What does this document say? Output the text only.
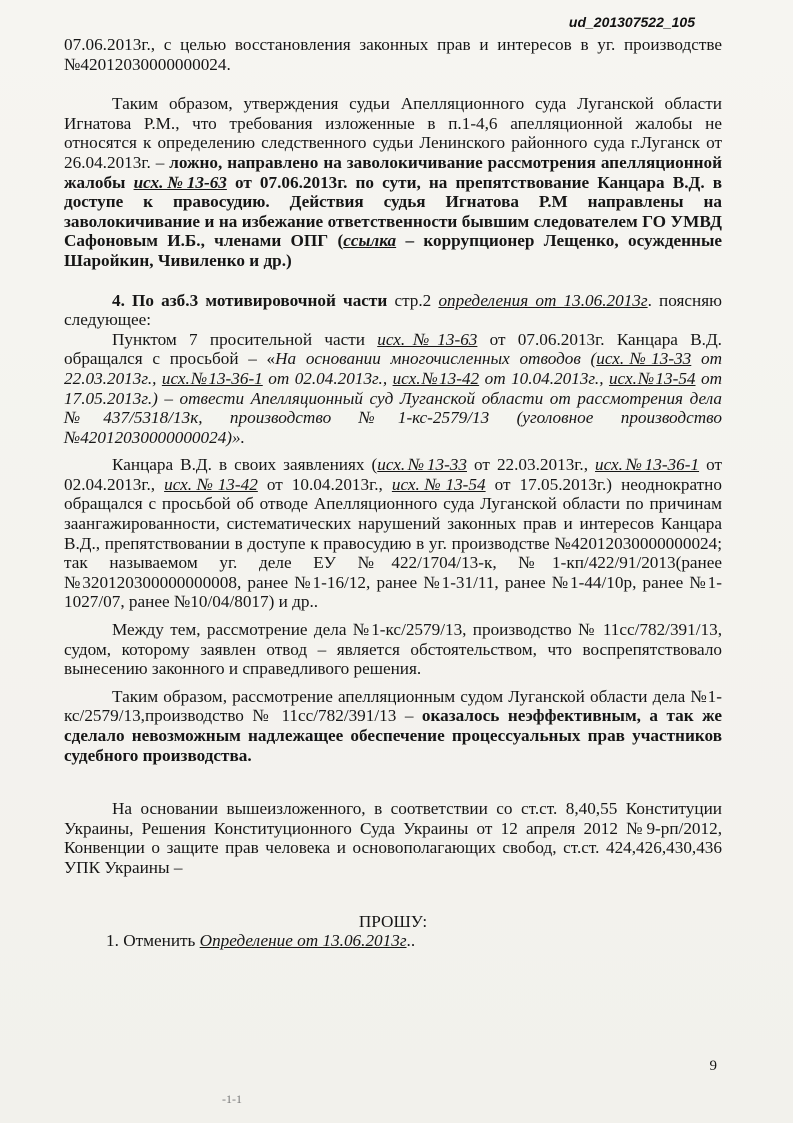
ud_201307522_105

07.06.2013г., с целью восстановления законных прав и интересов в уг. производстве №42012030000000024.

Таким образом, утверждения судьи Апелляционного суда Луганской области Игнатова Р.М., что требования изложенные в п.1-4,6 апелляционной жалобы не относятся к определению следственного судьи Ленинского районного суда г.Луганск от 26.04.2013г. – ложно, направлено на заволокичивание рассмотрения апелляционной жалобы исх.№13-63 от 07.06.2013г. по сути, на препятствование Канцара В.Д. в доступе к правосудию. Действия судья Игнатова Р.М направлены на заволокичивание и на избежание ответственности бывшим следователем ГО УМВД Сафоновым И.Б., членами ОПГ (ссылка – коррупционер Лещенко, осужденные Шаройкин, Чивиленко и др.)

4. По азб.3 мотивировочной части стр.2 определения от 13.06.2013г. поясняю следующее:

Пунктом 7 просительной части исх.№13-63 от 07.06.2013г. Канцара В.Д. обращался с просьбой – «На основании многочисленных отводов (исх.№13-33 от 22.03.2013г., исх.№13-36-1 от 02.04.2013г., исх.№13-42 от 10.04.2013г., исх.№13-54 от 17.05.2013г.) – отвести Апелляционный суд Луганской области от рассмотрения дела №437/5318/13к, производство №1-кс-2579/13 (уголовное производство №42012030000000024)».

Канцара В.Д. в своих заявлениях (исх.№13-33 от 22.03.2013г., исх.№13-36-1 от 02.04.2013г., исх.№13-42 от 10.04.2013г., исх.№13-54 от 17.05.2013г.) неоднократно обращался с просьбой об отводе Апелляционного суда Луганской области по причинам заангажированности, систематических нарушений законных прав и интересов Канцара В.Д., препятствовании в доступе к правосудию в уг. производстве №42012030000000024; так называемом уг. деле ЕУ №422/1704/13-к, №1-кп/422/91/2013(ранее №320120300000000008, ранее №1-16/12, ранее №1-31/11, ранее №1-44/10р, ранее №1-1027/07, ранее №10/04/8017) и др..

Между тем, рассмотрение дела №1-кс/2579/13, производство № 11сс/782/391/13, судом, которому заявлен отвод – является обстоятельством, что воспрепятствовало вынесению законного и справедливого решения.

Таким образом, рассмотрение апелляционным судом Луганской области дела №1-кс/2579/13,производство № 11сс/782/391/13 – оказалось неэффективным, а так же сделало невозможным надлежащее обеспечение процессуальных прав участников судебного производства.

На основании вышеизложенного, в соответствии со ст.ст. 8,40,55 Конституции Украины, Решения Конституционного Суда Украины от 12 апреля 2012 №9-рп/2012, Конвенции о защите прав человека и основополагающих свобод, ст.ст. 424,426,430,436 УПК Украины –

ПРОШУ:

1. Отменить Определение от 13.06.2013г..

9
-1-1
